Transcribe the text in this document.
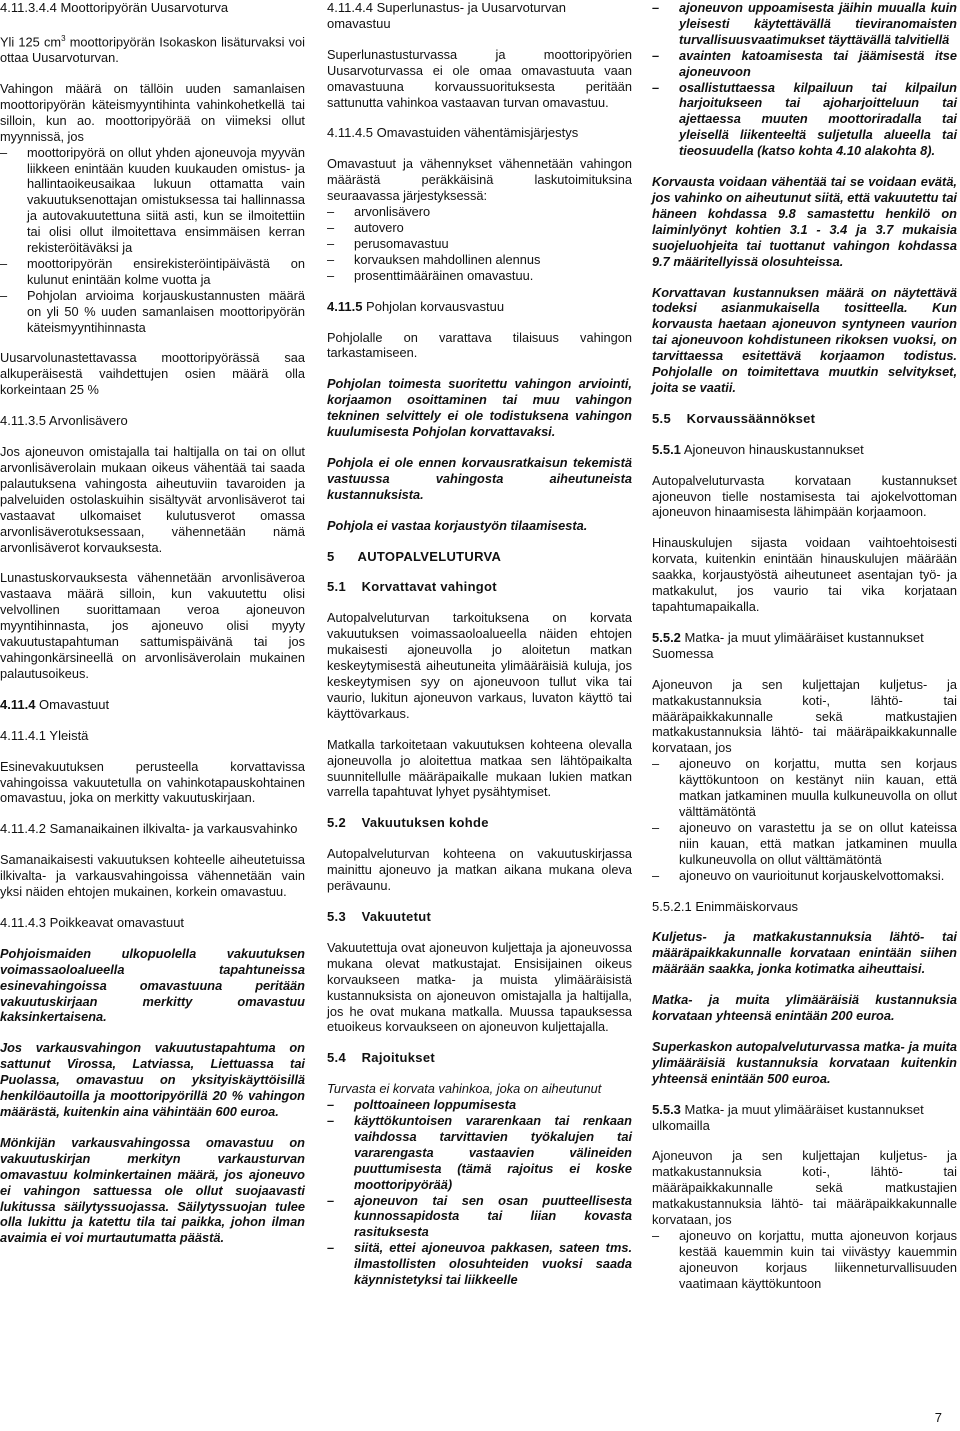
4.11.3.4.4 Moottoripyörän Uusarvoturva
Yli 125 $cm^3$ moottoripyörän Isokaskon lisäturvaksi voi ottaa Uusarvoturvan.
Vahingon määrä on tällöin uuden samanlaisen moottoripyörän käteismyyntihinta vahinkohetkellä tai silloin, kun ao. moottoripyörää on viimeksi ollut myynnissä, jos
– moottoripyörä on ollut yhden ajoneuvoja myyvän liikkeen enintään kuuden kuukauden omistus- ja hallintaoikeusaikaa lukuun ottamatta vain vakuutuksenottajan omistuksessa tai hallinnassa ja autovakuutettuna siitä asti, kun se ilmoitettiin tai olisi ollut ilmoitettava ensimmäisen kerran rekisteröitäväksi ja
– moottoripyörän ensirekisteröintipäivästä on kulunut enintään kolme vuotta ja
– Pohjolan arvioima korjauskustannusten määrä on yli 50 % uuden samanlaisen moottoripyörän käteismyyntihinnasta
Uusarvolunastettavassa moottoripyörässä saa alkuperäisestä vaihdettujen osien määrä olla korkeintaan 25 %
4.11.3.5 Arvonlisävero
Jos ajoneuvon omistajalla tai haltijalla on tai on ollut arvonlisäverolain mukaan oikeus vähentää tai saada palautuksena vahingosta aiheutuviin tavaroiden ja palveluiden ostolaskuihin sisältyvät arvonlisäverot tai vastaavat ulkomaiset kulutusverot omassa arvonlisäverotuksessaan, vähennetään nämä arvonlisäverot korvauksesta.
Lunastuskorvauksesta vähennetään arvonlisäveroa vastaava määrä silloin, kun vakuutettu olisi velvollinen suorittamaan veroa ajoneuvon myyntihinnasta, jos ajoneuvo olisi myyty vakuutustapahtuman sattumispäivänä tai jos vahingonkärsineellä on arvonlisäverolain mukainen palautusoikeus.
4.11.4 Omavastuut
4.11.4.1 Yleistä
Esinevakuutuksen perusteella korvattavissa vahingoissa vakuutetulla on vahinkotapauskohtainen omavastuu, joka on merkitty vakuutuskirjaan.
4.11.4.2 Samanaikainen ilkivalta- ja varkausvahinko
Samanaikaisesti vakuutuksen kohteelle aiheutetuissa ilkivalta- ja varkausvahingoissa vähennetään vain yksi näiden ehtojen mukainen, korkein omavastuu.
4.11.4.3 Poikkeavat omavastuut
Pohjoismaiden ulkopuolella vakuutuksen voimassaoloalueella tapahtuneissa esinevahingoissa omavastuuna peritään vakuutuskirjaan merkitty omavastuu kaksinkertaisena.
Jos varkausvahingon vakuutustapahtuma on sattunut Virossa, Latviassa, Liettuassa tai Puolassa, omavastuu on yksityiskäyttöisillä henkilöautoilla ja moottoripyörillä 20 % vahingon määrästä, kuitenkin aina vähintään 600 euroa.
Mönkijän varkausvahingossa omavastuu on vakuutuskirjan merkityn varkausturvan omavastuu kolminkertainen määrä, jos ajoneuvo ei vahingon sattuessa ole ollut suojaavasti lukitussa säilytyssuojassa. Säilytyssuojan tulee olla lukittu ja katettu tila tai paikka, johon ilman avaimia ei voi murtautumatta päästä.
4.11.4.4 Superlunastus- ja Uusarvoturvan omavastuu
Superlunastusturvassa ja moottoripyörien Uusarvoturvassa ei ole omaa omavastuuta vaan omavastuuna korvaussuorituksesta peritään sattunutta vahinkoa vastaavan turvan omavastuu.
4.11.4.5 Omavastuiden vähentämisjärjestys
Omavastuut ja vähennykset vähennetään vahingon määrästä peräkkäisinä laskutoimituksina seuraavassa järjestyksessä:
– arvonlisävero
– autovero
– perusomavastuu
– korvauksen mahdollinen alennus
– prosenttimääräinen omavastuu.
4.11.5 Pohjolan korvausvastuu
Pohjolalle on varattava tilaisuus vahingon tarkastamiseen.
Pohjolan toimesta suoritettu vahingon arviointi, korjaamon osoittaminen tai muu vahingon tekninen selvittely ei ole todistuksena vahingon kuulumisesta Pohjolan korvattavaksi.
Pohjola ei ole ennen korvausratkaisun tekemistä vastuussa vahingosta aiheutuneista kustannuksista.
Pohjola ei vastaa korjaustyön tilaamisesta.
5      AUTOPALVELUTURVA
5.1    Korvattavat vahingot
Autopalveluturvan tarkoituksena on korvata vakuutuksen voimassaoloalueella näiden ehtojen mukaisesti ajoneuvolla jo aloitetun matkan keskeytymisestä aiheutuneita ylimääräisiä kuluja, jos keskeytymisen syy on ajoneuvoon tullut vika tai vaurio, lukitun ajoneuvon varkaus, luvaton käyttö tai käyttövarkaus.
Matkalla tarkoitetaan vakuutuksen kohteena olevalla ajoneuvolla jo aloitettua matkaa sen lähtöpaikalta suunnitellulle määräpaikalle mukaan lukien matkan varrella tapahtuvat lyhyet pysähtymiset.
5.2    Vakuutuksen kohde
Autopalveluturvan kohteena on vakuutuskirjassa mainittu ajoneuvo ja matkan aikana mukana oleva perävaunu.
5.3    Vakuutetut
Vakuutettuja ovat ajoneuvon kuljettaja ja ajoneuvossa mukana olevat matkustajat. Ensisijainen oikeus korvaukseen matka- ja muista ylimääräisistä kustannuksista on ajoneuvon omistajalla ja haltijalla, jos he ovat mukana matkalla. Muussa tapauksessa etuoikeus korvaukseen on ajoneuvon kuljettajalla.
5.4    Rajoitukset
Turvasta ei korvata vahinkoa, joka on aiheutunut
– polttoaineen loppumisesta
– käyttökuntoisen vararenkaan tai renkaan vaihdossa tarvittavien työkalujen tai vararengasta vastaavien välineiden puuttumisesta (tämä rajoitus ei koske moottoripyörää)
– ajoneuvon tai sen osan puutteellisesta kunnossapidosta tai liian kovasta rasituksesta
– siitä, ettei ajoneuvoa pakkasen, sateen tms. ilmastollisten olosuhteiden vuoksi saada käynnistetyksi tai liikkeelle
– ajoneuvon uppoamisesta jäihin muualla kuin yleisesti käytettävällä tieviranomaisten turvallisuusvaatimukset täyttävällä talvitiellä
– avainten katoamisesta tai jäämisestä itse ajoneuvoon
– osallistuttaessa kilpailuun tai kilpailun harjoitukseen tai ajoharjoitteluun tai ajettaessa muuten moottoriradalla tai yleisellä liikenteeltä suljetulla alueella tai tieosuudella (katso kohta 4.10 alakohta 8).
Korvausta voidaan vähentää tai se voidaan evätä, jos vahinko on aiheutunut siitä, että vakuutettu tai häneen kohdassa 9.8 samastettu henkilö on laiminlyönyt kohtien 3.1 - 3.4 ja 3.7 mukaisia suojeluohjeita tai tuottanut vahingon kohdassa 9.7 määritellyissä olosuhteissa.
Korvattavan kustannuksen määrä on näytettävä todeksi asianmukaisella tositteella. Kun korvausta haetaan ajoneuvon syntyneen vaurion tai ajoneuvoon kohdistuneen rikoksen vuoksi, on tarvittaessa esitettävä korjaamon todistus. Pohjolalle on toimitettava muutkin selvitykset, joita se vaatii.
5.5    Korvaussäännökset
5.5.1 Ajoneuvon hinauskustannukset
Autopalveluturvasta korvataan kustannukset ajoneuvon tielle nostamisesta tai ajokelvottoman ajoneuvon hinaamisesta lähimpään korjaamoon.
Hinauskulujen sijasta voidaan vaihtoehtoisesti korvata, kuitenkin enintään hinauskulujen määrään saakka, korjaustyöstä aiheutuneet asentajan työ- ja matkakulut, jos vaurio tai vika korjataan tapahtumapaikalla.
5.5.2 Matka- ja muut ylimääräiset kustannukset Suomessa
Ajoneuvon ja sen kuljettajan kuljetus- ja matkakustannuksia koti-, lähtö- tai määräpaikkakunnalle sekä matkustajien matkakustannuksia lähtö- tai määräpaikkakunnalle korvataan, jos
– ajoneuvo on korjattu, mutta sen korjaus käyttökuntoon on kestänyt niin kauan, että matkan jatkaminen muulla kulkuneuvolla on ollut välttämätöntä
– ajoneuvo on varastettu ja se on ollut kateissa niin kauan, että matkan jatkaminen muulla kulkuneuvolla on ollut välttämätöntä
– ajoneuvo on vaurioitunut korjauskelvottomaksi.
5.5.2.1 Enimmäiskorvaus
Kuljetus- ja matkakustannuksia lähtö- tai määräpaikkakunnalle korvataan enintään siihen määrään saakka, jonka kotimatka aiheuttaisi.
Matka- ja muita ylimääräisiä kustannuksia korvataan yhteensä enintään 200 euroa.
Superkaskon autopalveluturvassa matka- ja muita ylimääräisiä kustannuksia korvataan kuitenkin yhteensä enintään 500 euroa.
5.5.3 Matka- ja muut ylimääräiset kustannukset ulkomailla
Ajoneuvon ja sen kuljettajan kuljetus- ja matkakustannuksia koti-, lähtö- tai määräpaikkakunnalle sekä matkustajien matkakustannuksia lähtö- tai määräpaikkakunnalle korvataan, jos
– ajoneuvo on korjattu, mutta ajoneuvon korjaus kestää kauemmin kuin tai viivästyy kauemmin ajoneuvon korjaus liikenneturvallisuuden vaatimaan käyttökuntoon
7
